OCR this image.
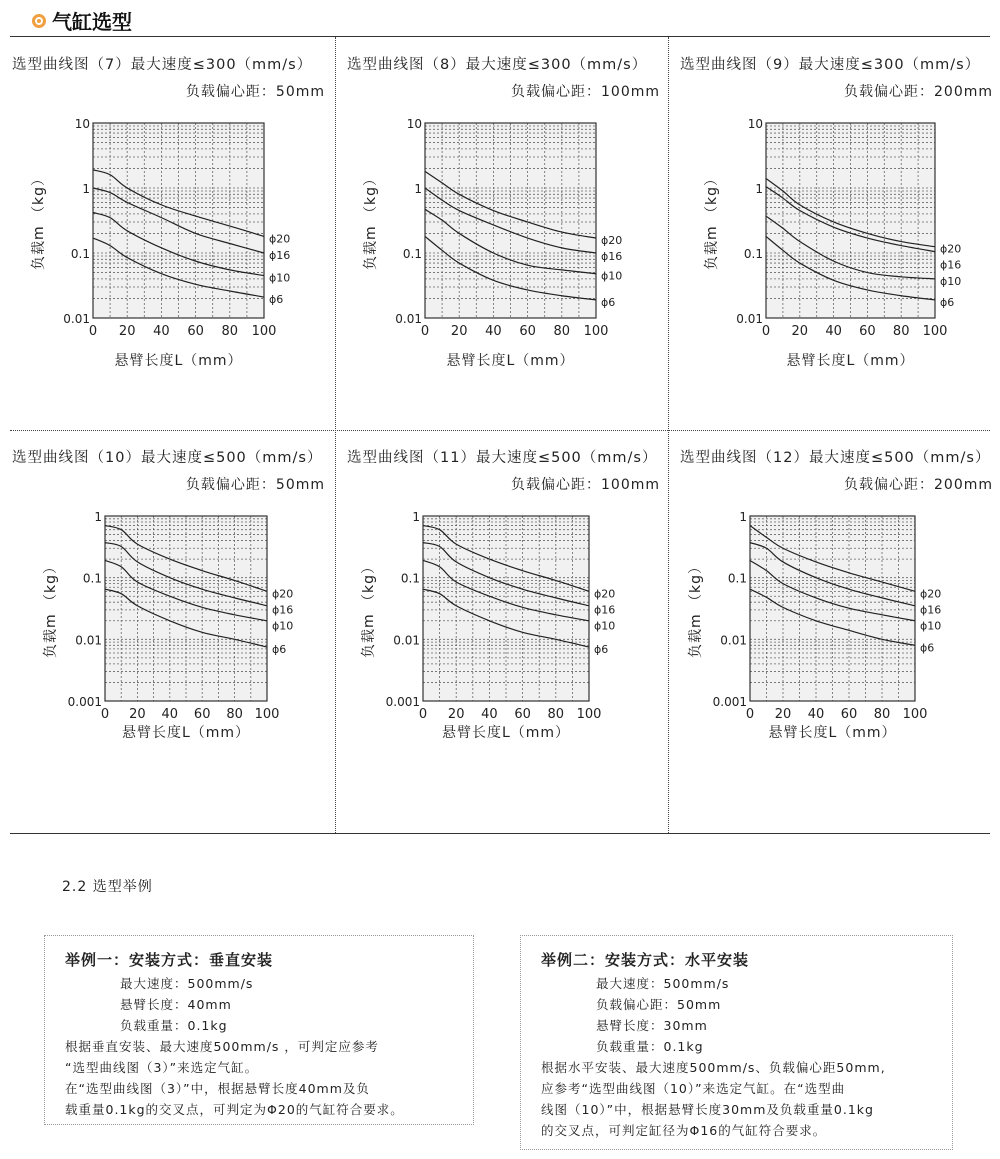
气缸选型
选型曲线图（7）最大速度≤300（mm/s）
负载偏心距：50mm
0 20 40 60 80 100
10
1
0.1
0.01
悬臂长度L（mm）
负载m （kg）	ϕ20
ϕ16
ϕ10
ϕ6
选型曲线图（8）最大速度≤300（mm/s）
负载偏心距：100mm
0 20 40 60 80 100
10
1
0.1
0.01
悬臂长度L（mm）
负载m （kg）	ϕ20
ϕ16
ϕ10
ϕ6
选型曲线图（9）最大速度≤300（mm/s）
负载偏心距：200mm
0 20 40 60 80 100
10
1
0.1
0.01
悬臂长度L（mm）
负载m （kg）	ϕ20
ϕ16
ϕ10
ϕ6
选型曲线图（10）最大速度≤500（mm/s）
负载偏心距：50mm
0 20 40 60 80 100
1
0.1
0.01
0.001
悬臂长度L（mm）
负载m （kg）	ϕ20
ϕ16
ϕ10
ϕ6
选型曲线图（11）最大速度≤500（mm/s）
负载偏心距：100mm
0 20 40 60 80 100
1
0.1
0.01
0.001
悬臂长度L（mm）
负载m （kg）	ϕ20
ϕ16
ϕ10
ϕ6
选型曲线图（12）最大速度≤500（mm/s）
负载偏心距：200mm
0 20 40 60 80 100
1
0.1
0.01
0.001
悬臂长度L（mm）
负载m （kg）	ϕ20
ϕ16
ϕ10
ϕ6
2.2 选型举例
举例一：安装方式：垂直安装
最大速度：500mm/s
悬臂长度：40mm
负载重量：0.1kg
根据垂直安装、最大速度500mm/s ，可判定应参考
“选型曲线图（3）”来选定气缸。
在“选型曲线图（3）”中，根据悬臂长度40mm及负
载重量0.1kg的交叉点，可判定为Φ20的气缸符合要求。
举例二：安装方式：水平安装
最大速度：500mm/s
负载偏心距：50mm
悬臂长度：30mm
负载重量：0.1kg
根据水平安装、最大速度500mm/s、负载偏心距50mm,
应参考“选型曲线图（10）”来选定气缸。在“选型曲
线图（10）”中，根据悬臂长度30mm及负载重量0.1kg
的交叉点，可判定缸径为Φ16的气缸符合要求。
